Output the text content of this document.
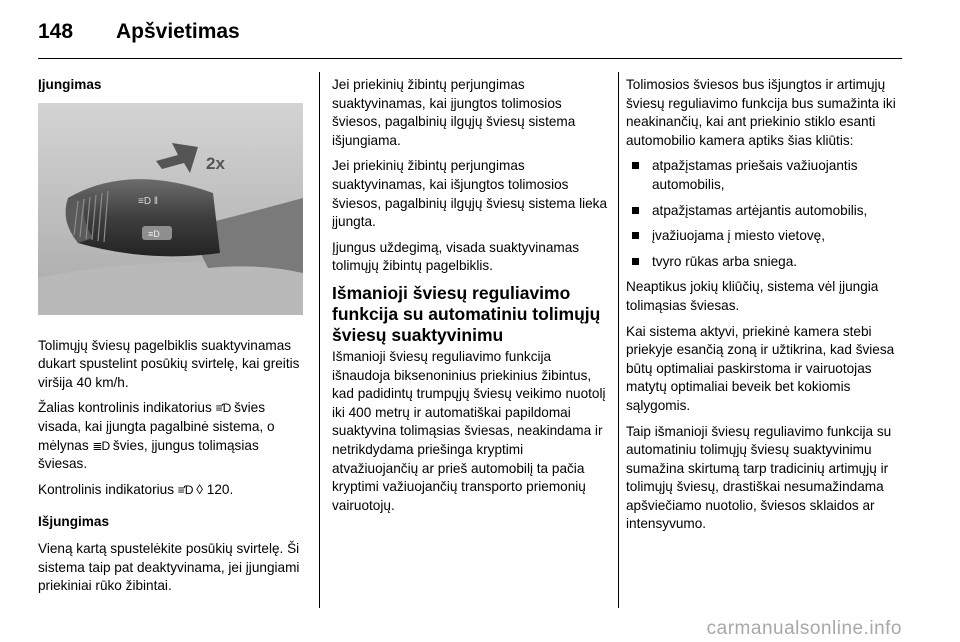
148 Apšvietimas
Įjungimas
≡D ‖
≡D
2x

Tolimųjų šviesų pagelbiklis suaktyvinamas dukart spustelint posūkių svirtelę, kai greitis viršija 40 km/h.

Žalias kontrolinis indikatorius ≡Ɗ švies visada, kai įjungta pagalbinė sistema, o mėlynas ≣D švies, įjungus tolimąsias šviesas.

Kontrolinis indikatorius ≡Ɗ ◊ 120.

Išjungimas

Vieną kartą spustelėkite posūkių svirtelę. Ši sistema taip pat deaktyvinama, jei įjungiami priekiniai rūko žibintai.

Jei priekinių žibintų perjungimas suaktyvinamas, kai įjungtos tolimosios šviesos, pagalbinių ilgųjų šviesų sistema išjungiama.

Jei priekinių žibintų perjungimas suaktyvinamas, kai išjungtos tolimosios šviesos, pagalbinių ilgųjų šviesų sistema lieka įjungta.

Įjungus uždegimą, visada suaktyvinamas tolimųjų žibintų pagelbiklis.

Išmanioji šviesų reguliavimo funkcija su automatiniu tolimųjų šviesų suaktyvinimu

Išmanioji šviesų reguliavimo funkcija išnaudoja biksenoninius priekinius žibintus, kad padidintų trumpųjų šviesų veikimo nuotolį iki 400 metrų ir automatiškai papildomai suaktyvina tolimąsias šviesas, neakindama ir netrikdydama priešinga kryptimi atvažiuojančių ar prieš automobilį ta pačia kryptimi važiuojančių transporto priemonių vairuotojų.

Tolimosios šviesos bus išjungtos ir artimųjų šviesų reguliavimo funkcija bus sumažinta iki neakinančių, kai ant priekinio stiklo esanti automobilio kamera aptiks šias kliūtis:

atpažįstamas priešais važiuojantis automobilis,
atpažįstamas artėjantis automobilis,
įvažiuojama į miesto vietovę,
tvyro rūkas arba sniega.

Neaptikus jokių kliūčių, sistema vėl įjungia tolimąsias šviesas.

Kai sistema aktyvi, priekinė kamera stebi priekyje esančią zoną ir užtikrina, kad šviesa būtų optimaliai paskirstoma ir vairuotojas matytų optimaliai beveik bet kokiomis sąlygomis.

Taip išmanioji šviesų reguliavimo funkcija su automatiniu tolimųjų šviesų suaktyvinimu sumažina skirtumą tarp tradicinių artimųjų ir tolimųjų šviesų, drastiškai nesumažindama apšviečiamo nuotolio, šviesos sklaidos ar intensyvumo.

carmanualsonline.info
